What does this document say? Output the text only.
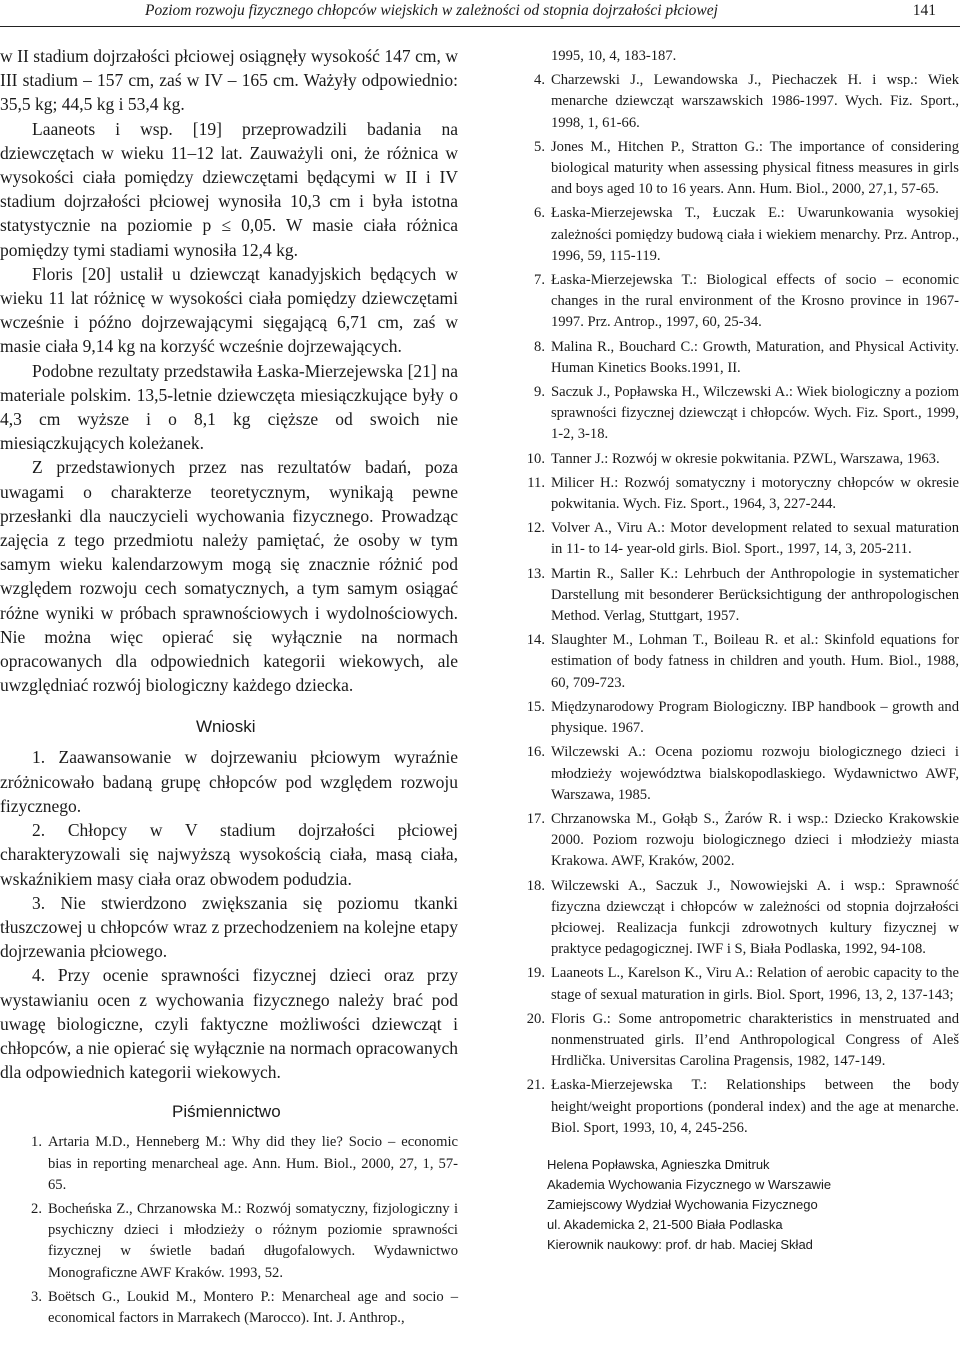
Poziom rozwoju fizycznego chłopców wiejskich w zależności od stopnia dojrzałości płciowej	141

w II stadium dojrzałości płciowej osiągnęły wysokość 147 cm, w III stadium – 157 cm, zaś w IV – 165 cm. Ważyły odpowiednio: 35,5 kg; 44,5 kg i 53,4 kg.

Laaneots i wsp. [19] przeprowadzili badania na dziewczętach w wieku 11–12 lat. Zauważyli oni, że różnica w wysokości ciała pomiędzy dziewczętami będącymi w II i IV stadium dojrzałości płciowej wynosiła 10,3 cm i była istotna statystycznie na poziomie p ≤ 0,05. W masie ciała różnica pomiędzy tymi stadiami wynosiła 12,4 kg.

Floris [20] ustalił u dziewcząt kanadyjskich będących w wieku 11 lat różnicę w wysokości ciała pomiędzy dziewczętami wcześnie i późno dojrzewającymi sięgającą 6,71 cm, zaś w masie ciała 9,14 kg na korzyść wcześnie dojrzewających.

Podobne rezultaty przedstawiła Łaska-Mierzejewska [21] na materiale polskim. 13,5-letnie dziewczęta miesiączkujące były o 4,3 cm wyższe i o 8,1 kg cięższe od swoich nie miesiączkujących koleżanek.

Z przedstawionych przez nas rezultatów badań, poza uwagami o charakterze teoretycznym, wynikają pewne przesłanki dla nauczycieli wychowania fizycznego. Prowadząc zajęcia z tego przedmiotu należy pamiętać, że osoby w tym samym wieku kalendarzowym mogą się znacznie różnić pod względem rozwoju cech somatycznych, a tym samym osiągać różne wyniki w próbach sprawnościowych i wydolnościowych. Nie można więc opierać się wyłącznie na normach opracowanych dla odpowiednich kategorii wiekowych, ale uwzględniać rozwój biologiczny każdego dziecka.

Wnioski

1. Zaawansowanie w dojrzewaniu płciowym wyraźnie zróżnicowało badaną grupę chłopców pod względem rozwoju fizycznego.

2. Chłopcy w V stadium dojrzałości płciowej charakteryzowali się najwyższą wysokością ciała, masą ciała, wskaźnikiem masy ciała oraz obwodem podudzia.

3. Nie stwierdzono zwiększania się poziomu tkanki tłuszczowej u chłopców wraz z przechodzeniem na kolejne etapy dojrzewania płciowego.

4. Przy ocenie sprawności fizycznej dzieci oraz przy wystawianiu ocen z wychowania fizycznego należy brać pod uwagę biologiczne, czyli faktyczne możliwości dziewcząt i chłopców, a nie opierać się wyłącznie na normach opracowanych dla odpowiednich kategorii wiekowych.

Piśmiennictwo
1. Artaria M.D., Henneberg M.: Why did they lie? Socio – economic bias in reporting menarcheal age. Ann. Hum. Biol., 2000, 27, 1, 57-65.
2. Bocheńska Z., Chrzanowska M.: Rozwój somatyczny, fizjologiczny i psychiczny dzieci i młodzieży o różnym poziomie sprawności fizycznej w świetle badań długofalowych. Wydawnictwo Monograficzne AWF Kraków. 1993, 52.
3. Boëtsch G., Loukid M., Montero P.: Menarcheal age and socio – economical factors in Marrakech (Marocco). Int. J. Anthrop.,
1995, 10, 4, 183-187.
4. Charzewski J., Lewandowska J., Piechaczek H. i wsp.: Wiek menarche dziewcząt warszawskich 1986-1997. Wych. Fiz. Sport., 1998, 1, 61-66.
5. Jones M., Hitchen P., Stratton G.: The importance of considering biological maturity when assessing physical fitness measures in girls and boys aged 10 to 16 years. Ann. Hum. Biol., 2000, 27,1, 57-65.
6. Łaska-Mierzejewska T., Łuczak E.: Uwarunkowania wysokiej zależności pomiędzy budową ciała i wiekiem menarchy. Prz. Antrop., 1996, 59, 115-119.
7. Łaska-Mierzejewska T.: Biological effects of socio – economic changes in the rural environment of the Krosno province in 1967-1997. Prz. Antrop., 1997, 60, 25-34.
8. Malina R., Bouchard C.: Growth, Maturation, and Physical Activity. Human Kinetics Books.1991, II.
9. Saczuk J., Popławska H., Wilczewski A.: Wiek biologiczny a poziom sprawności fizycznej dziewcząt i chłopców. Wych. Fiz. Sport., 1999, 1-2, 3-18.
10. Tanner J.: Rozwój w okresie pokwitania. PZWL, Warszawa, 1963.
11. Milicer H.: Rozwój somatyczny i motoryczny chłopców w okresie pokwitania. Wych. Fiz. Sport., 1964, 3, 227-244.
12. Volver A., Viru A.: Motor development related to sexual maturation in 11- to 14- year-old girls. Biol. Sport., 1997, 14, 3, 205-211.
13. Martin R., Saller K.: Lehrbuch der Anthropologie in systematicher Darstellung mit besonderer Berücksichtigung der anthropologischen Method. Verlag, Stuttgart, 1957.
14. Slaughter M., Lohman T., Boileau R. et al.: Skinfold equations for estimation of body fatness in children and youth. Hum. Biol., 1988, 60, 709-723.
15. Międzynarodowy Program Biologiczny. IBP handbook – growth and physique. 1967.
16. Wilczewski A.: Ocena poziomu rozwoju biologicznego dzieci i młodzieży województwa bialskopodlaskiego. Wydawnictwo AWF, Warszawa, 1985.
17. Chrzanowska M., Gołąb S., Żarów R. i wsp.: Dziecko Krakowskie 2000. Poziom rozwoju biologicznego dzieci i młodzieży miasta Krakowa. AWF, Kraków, 2002.
18. Wilczewski A., Saczuk J., Nowowiejski A. i wsp.: Sprawność fizyczna dziewcząt i chłopców w zależności od stopnia dojrzałości płciowej. Realizacja funkcji zdrowotnych kultury fizycznej w praktyce pedagogicznej. IWF i S, Biała Podlaska, 1992, 94-108.
19. Laaneots L., Karelson K., Viru A.: Relation of aerobic capacity to the stage of sexual maturation in girls. Biol. Sport, 1996, 13, 2, 137-143;
20. Floris G.: Some antropometric charakteristics in menstruated and nonmenstruated girls. Il’end Anthropological Congress of Aleš Hrdlička. Universitas Carolina Pragensis, 1982, 147-149.
21. Łaska-Mierzejewska T.: Relationships between the body height/weight proportions (ponderal index) and the age at menarche. Biol. Sport, 1993, 10, 4, 245-256.
Helena Popławska, Agnieszka Dmitruk
Akademia Wychowania Fizycznego w Warszawie
Zamiejscowy Wydział Wychowania Fizycznego
ul. Akademicka 2, 21-500 Biała Podlaska
Kierownik naukowy: prof. dr hab. Maciej Skład
